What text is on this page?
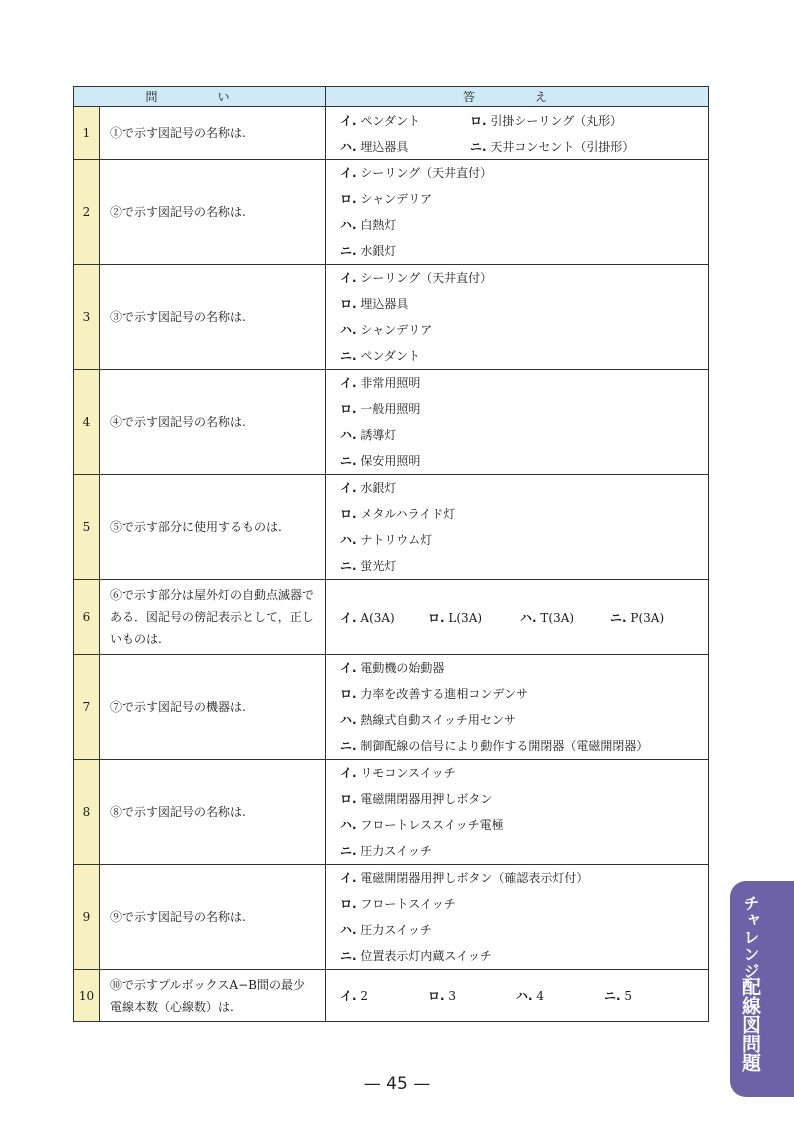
問　い		答　え
1	①で示す図記号の名称は.	イ. ペンダント ロ. 引掛シーリング（丸形）
ハ. 埋込器具 ニ. 天井コンセント（引掛形）

2	②で示す図記号の名称は.	イ. シーリング（天井直付）
ロ. シャンデリア
ハ. 白熱灯
ニ. 水銀灯

3	③で示す図記号の名称は.	イ. シーリング（天井直付）
ロ. 埋込器具
ハ. シャンデリア
ニ. ペンダント

4	④で示す図記号の名称は.	イ. 非常用照明
ロ. 一般用照明
ハ. 誘導灯
ニ. 保安用照明

5	⑤で示す部分に使用するものは.	イ. 水銀灯
ロ. メタルハライド灯
ハ. ナトリウム灯
ニ. 蛍光灯

6	⑥で示す部分は屋外灯の自動点滅器である．図記号の傍記表示として，正しいものは.	イ. A(3A) ロ. L(3A) ハ. T(3A) ニ. P(3A)

7	⑦で示す図記号の機器は.	イ. 電動機の始動器
ロ. 力率を改善する進相コンデンサ
ハ. 熱線式自動スイッチ用センサ
ニ. 制御配線の信号により動作する開閉器（電磁開閉器）

8	⑧で示す図記号の名称は.	イ. リモコンスイッチ
ロ. 電磁開閉器用押しボタン
ハ. フロートレススイッチ電極
ニ. 圧力スイッチ

9	⑨で示す図記号の名称は.	イ. 電磁開閉器用押しボタン（確認表示灯付）
ロ. フロートスイッチ
ハ. 圧力スイッチ
ニ. 位置表示灯内蔵スイッチ

10	⑩で示すプルボックスA−B間の最少電線本数（心線数）は.	イ. 2 ロ. 3 ハ. 4 ニ. 5
— 45 —
チャレンジ
配線図問題
